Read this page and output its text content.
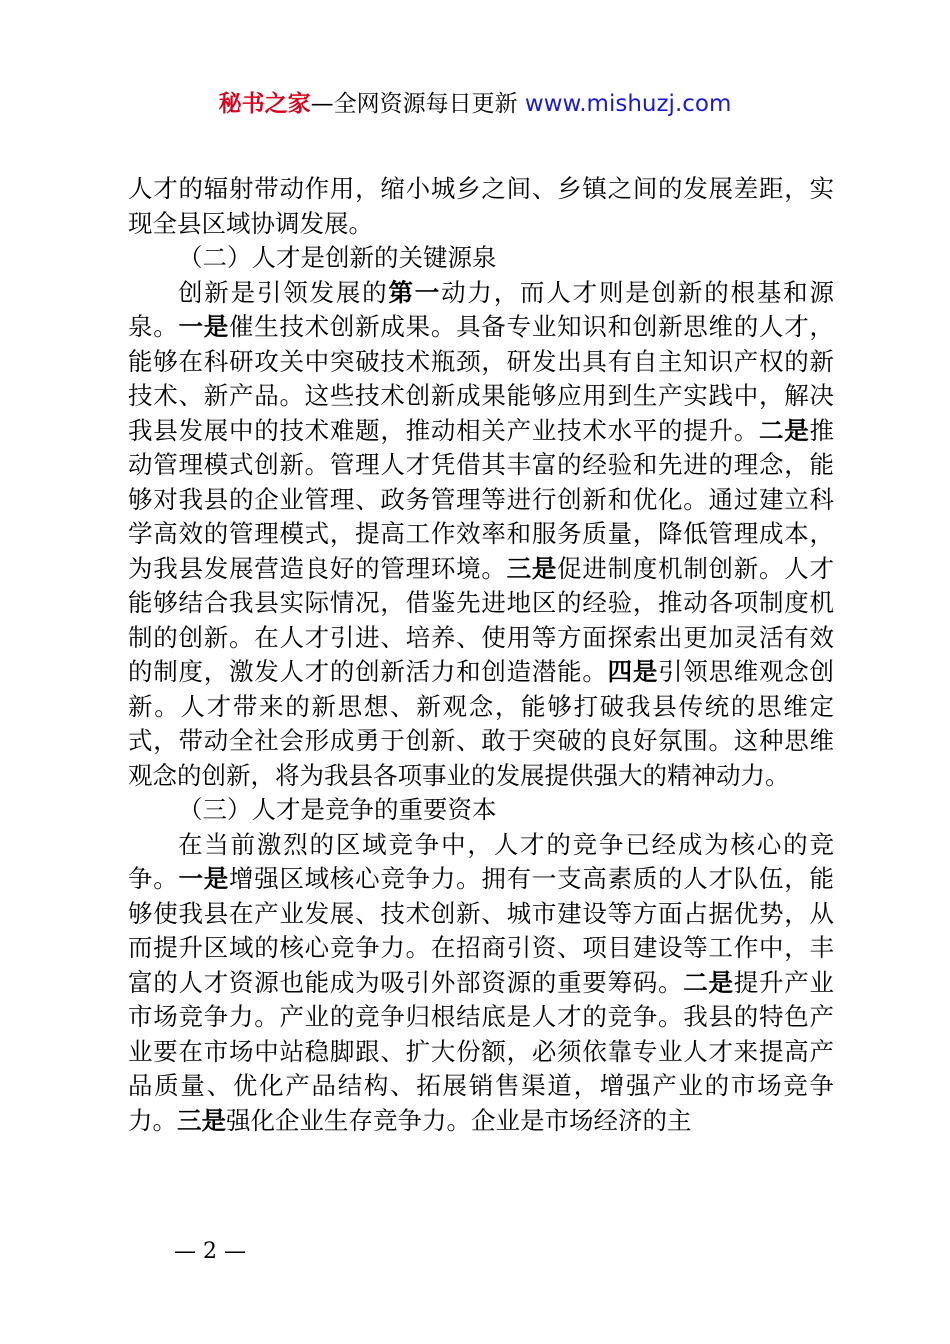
秘书之家—全网资源每日更新 www.mishuzj.com

人才的辐射带动作用，缩小城乡之间、乡镇之间的发展差距，实现全县区域协调发展。

（二）人才是创新的关键源泉

创新是引领发展的第一动力，而人才则是创新的根基和源泉。一是催生技术创新成果。具备专业知识和创新思维的人才，能够在科研攻关中突破技术瓶颈，研发出具有自主知识产权的新技术、新产品。这些技术创新成果能够应用到生产实践中，解决我县发展中的技术难题，推动相关产业技术水平的提升。二是推动管理模式创新。管理人才凭借其丰富的经验和先进的理念，能够对我县的企业管理、政务管理等进行创新和优化。通过建立科学高效的管理模式，提高工作效率和服务质量，降低管理成本，为我县发展营造良好的管理环境。三是促进制度机制创新。人才能够结合我县实际情况，借鉴先进地区的经验，推动各项制度机制的创新。在人才引进、培养、使用等方面探索出更加灵活有效的制度，激发人才的创新活力和创造潜能。四是引领思维观念创新。人才带来的新思想、新观念，能够打破我县传统的思维定式，带动全社会形成勇于创新、敢于突破的良好氛围。这种思维观念的创新，将为我县各项事业的发展提供强大的精神动力。

（三）人才是竞争的重要资本

在当前激烈的区域竞争中，人才的竞争已经成为核心的竞争。一是增强区域核心竞争力。拥有一支高素质的人才队伍，能够使我县在产业发展、技术创新、城市建设等方面占据优势，从而提升区域的核心竞争力。在招商引资、项目建设等工作中，丰富的人才资源也能成为吸引外部资源的重要筹码。二是提升产业市场竞争力。产业的竞争归根结底是人才的竞争。我县的特色产业要在市场中站稳脚跟、扩大份额，必须依靠专业人才来提高产品质量、优化产品结构、拓展销售渠道，增强产业的市场竞争力。三是强化企业生存竞争力。企业是市场经济的主

— 2 —
